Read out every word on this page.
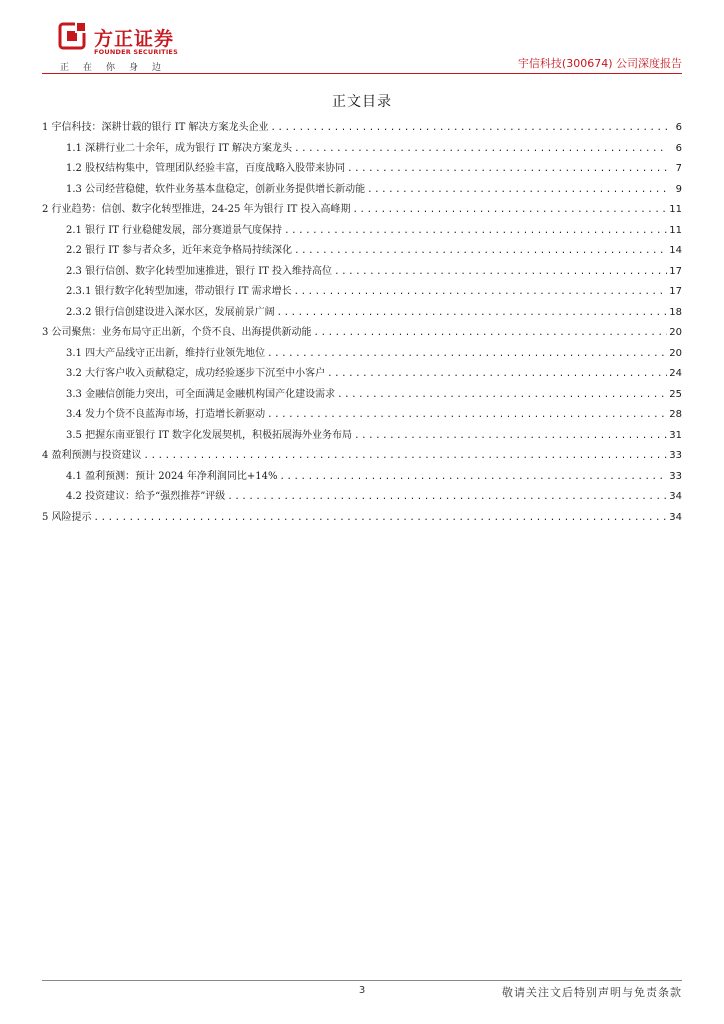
方正证券
FOUNDER SECURITIES
正在你身边	宇信科技(300674) 公司深度报告
正文目录
1 宇信科技：深耕廿载的银行 IT 解决方案龙头企业 .....	6
1.1 深耕行业二十余年，成为银行 IT 解决方案龙头 .....	6
1.2 股权结构集中，管理团队经验丰富，百度战略入股带来协同 .....	7
1.3 公司经营稳健，软件业务基本盘稳定，创新业务提供增长新动能 .....	9
2 行业趋势：信创、数字化转型推进，24-25 年为银行 IT 投入高峰期 .....	11
2.1 银行 IT 行业稳健发展，部分赛道景气度保持 .....	11
2.2 银行 IT 参与者众多，近年来竞争格局持续深化 .....	14
2.3 银行信创、数字化转型加速推进，银行 IT 投入维持高位 .....	17
2.3.1 银行数字化转型加速，带动银行 IT 需求增长 .....	17
2.3.2 银行信创建设进入深水区，发展前景广阔 .....	18
3 公司聚焦：业务布局守正出新，个贷不良、出海提供新动能 .....	20
3.1 四大产品线守正出新，维持行业领先地位 .....	20
3.2 大行客户收入贡献稳定，成功经验逐步下沉至中小客户 .....	24
3.3 金融信创能力突出，可全面满足金融机构国产化建设需求 .....	25
3.4 发力个贷不良蓝海市场，打造增长新驱动 .....	28
3.5 把握东南亚银行 IT 数字化发展契机，积极拓展海外业务布局 .....	31
4 盈利预测与投资建议 .....	33
4.1 盈利预测：预计 2024 年净利润同比+14% .....	33
4.2 投资建议：给予“强烈推荐”评级 .....	34
5 风险提示 .....	34
3	敬请关注文后特别声明与免责条款
